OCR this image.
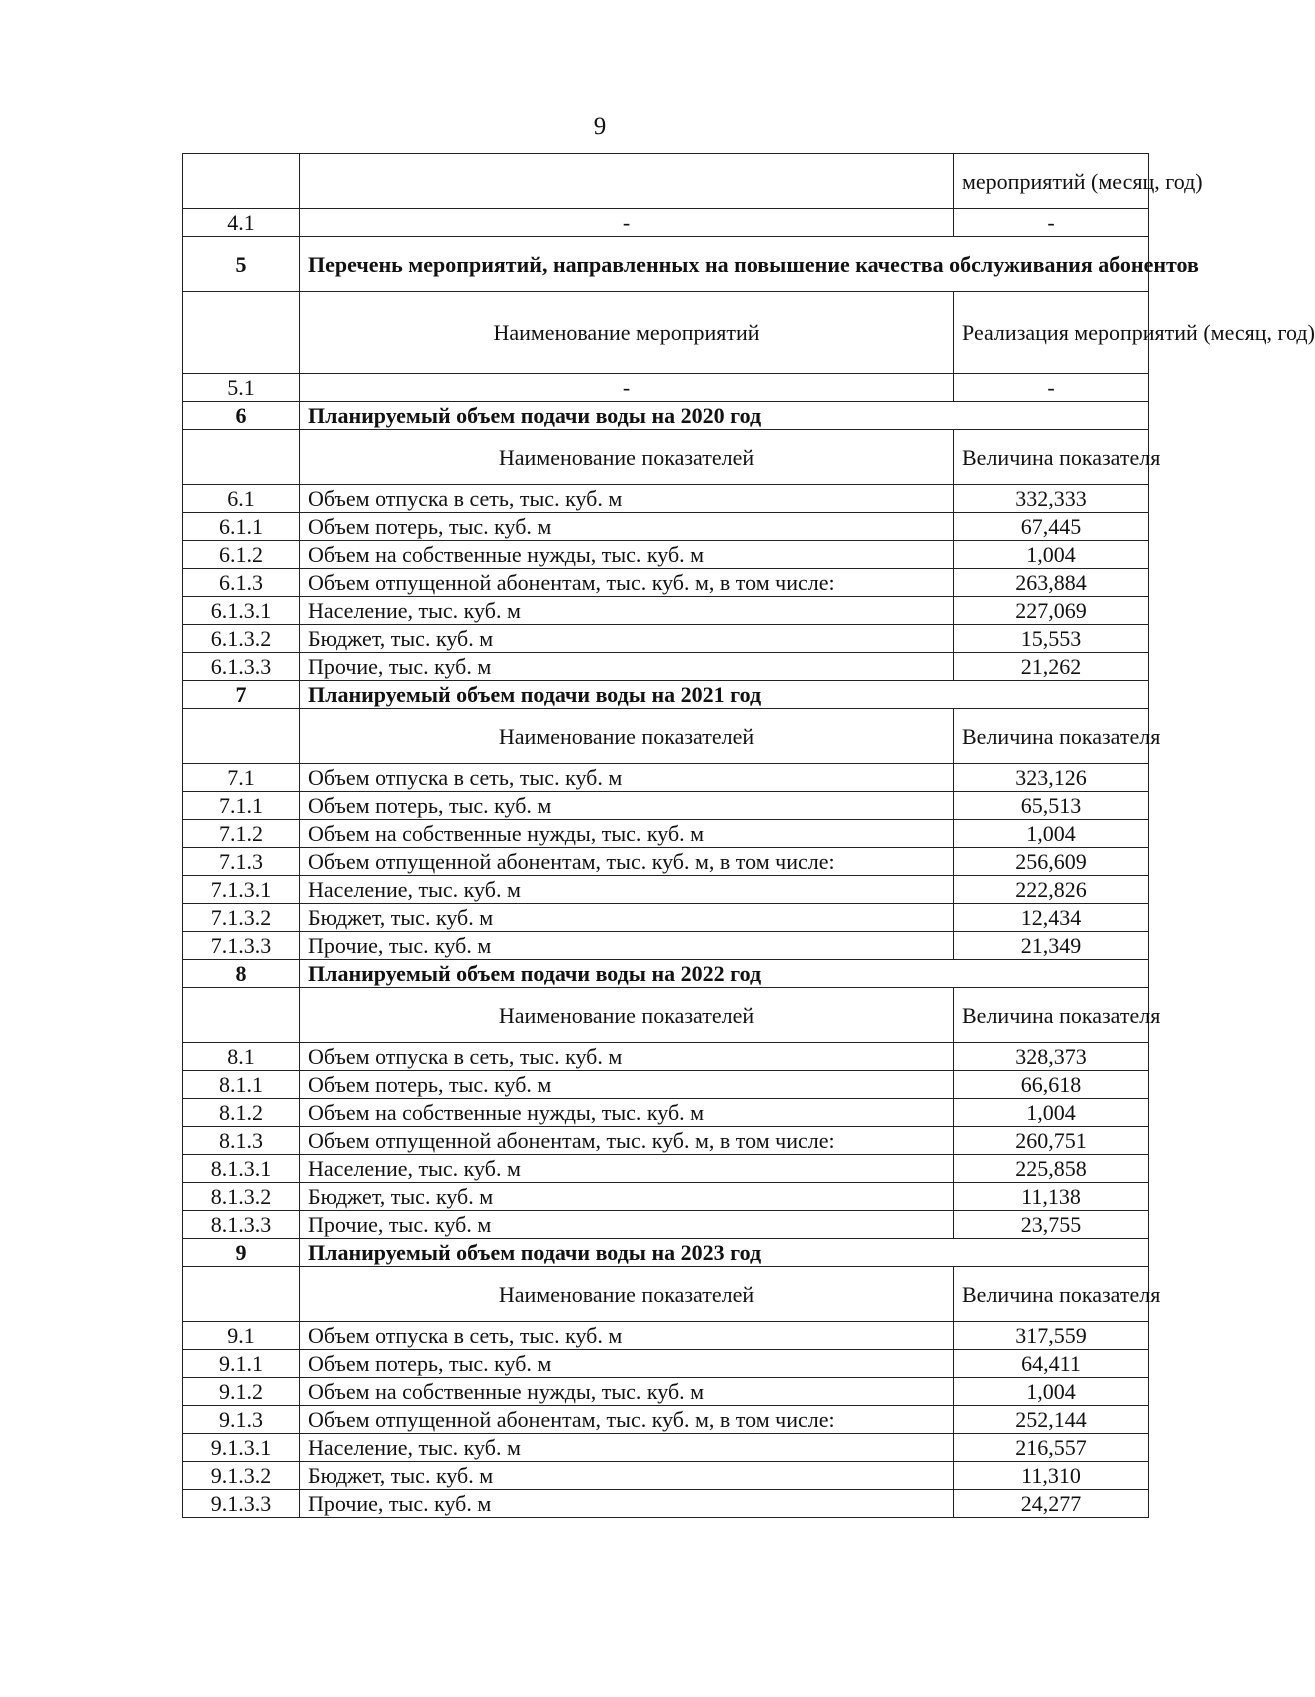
9
		мероприятий (месяц, год)
4.1	-	-
5	Перечень мероприятий, направленных на повышение качества обслуживания абонентов	
	Наименование мероприятий	Реализация мероприятий (месяц, год)
5.1	-	-
6	Планируемый объем подачи воды на 2020 год	
	Наименование показателей	Величина показателя
6.1	Объем отпуска в сеть, тыс. куб. м	332,333
6.1.1	Объем потерь, тыс. куб. м	67,445
6.1.2	Объем на собственные нужды, тыс. куб. м	1,004
6.1.3	Объем отпущенной абонентам, тыс. куб. м, в том числе:	263,884
6.1.3.1	Население, тыс. куб. м	227,069
6.1.3.2	Бюджет, тыс. куб. м	15,553
6.1.3.3	Прочие, тыс. куб. м	21,262
7	Планируемый объем подачи воды на 2021 год	
	Наименование показателей	Величина показателя
7.1	Объем отпуска в сеть, тыс. куб. м	323,126
7.1.1	Объем потерь, тыс. куб. м	65,513
7.1.2	Объем на собственные нужды, тыс. куб. м	1,004
7.1.3	Объем отпущенной абонентам, тыс. куб. м, в том числе:	256,609
7.1.3.1	Население, тыс. куб. м	222,826
7.1.3.2	Бюджет, тыс. куб. м	12,434
7.1.3.3	Прочие, тыс. куб. м	21,349
8	Планируемый объем подачи воды на 2022 год	
	Наименование показателей	Величина показателя
8.1	Объем отпуска в сеть, тыс. куб. м	328,373
8.1.1	Объем потерь, тыс. куб. м	66,618
8.1.2	Объем на собственные нужды, тыс. куб. м	1,004
8.1.3	Объем отпущенной абонентам, тыс. куб. м, в том числе:	260,751
8.1.3.1	Население, тыс. куб. м	225,858
8.1.3.2	Бюджет, тыс. куб. м	11,138
8.1.3.3	Прочие, тыс. куб. м	23,755
9	Планируемый объем подачи воды на 2023 год	
	Наименование показателей	Величина показателя
9.1	Объем отпуска в сеть, тыс. куб. м	317,559
9.1.1	Объем потерь, тыс. куб. м	64,411
9.1.2	Объем на собственные нужды, тыс. куб. м	1,004
9.1.3	Объем отпущенной абонентам, тыс. куб. м, в том числе:	252,144
9.1.3.1	Население, тыс. куб. м	216,557
9.1.3.2	Бюджет, тыс. куб. м	11,310
9.1.3.3	Прочие, тыс. куб. м	24,277
